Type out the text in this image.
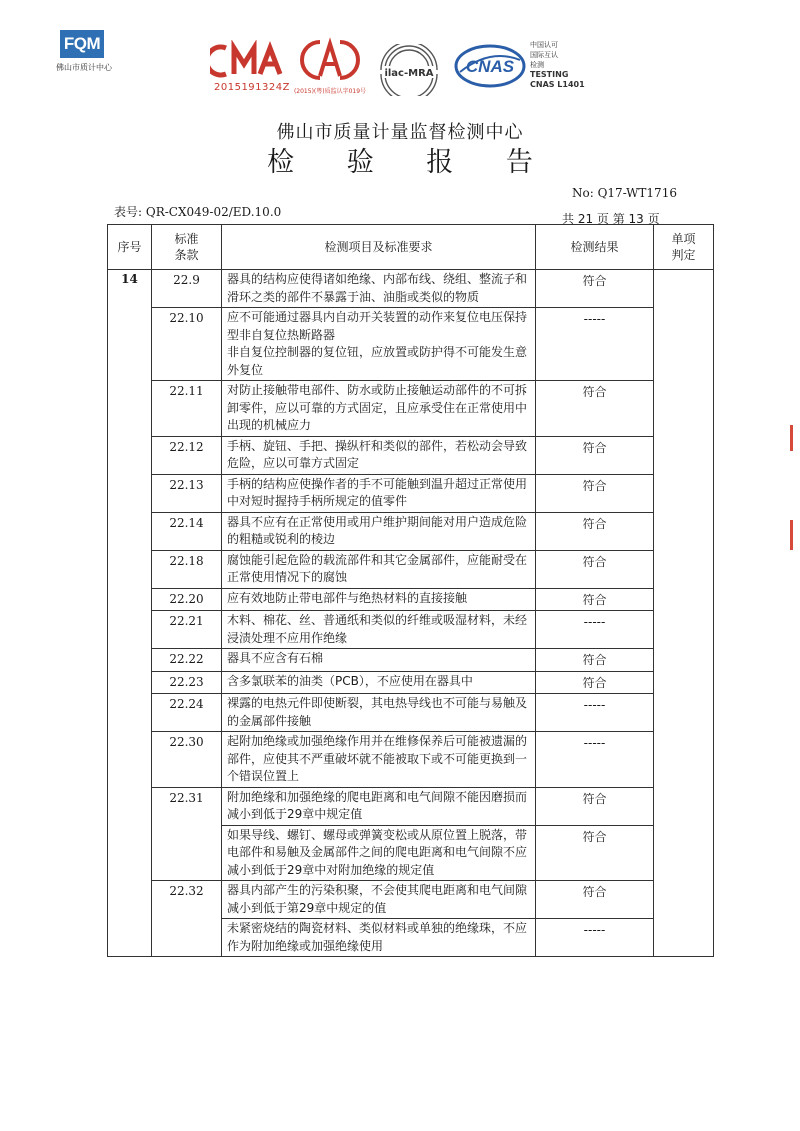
FQM
佛山市质计中心
2015191324Z (2015)(粤)质监认字019号
ilac-MRA CNAS
中国认可
国际互认
检测
TESTING
CNAS L1401
佛山市质量计量监督检测中心
检 验 报 告
No: Q17-WT1716
表号: QR-CX049-02/ED.10.0	共 21 页 第 13 页
序号	标准
条款	检测项目及标准要求	检测结果	单项
判定
14	22.9	器具的结构应使得诸如绝缘、内部布线、绕组、整流子和滑环之类的部件不暴露于油、油脂或类似的物质	符合	
	22.10	应不可能通过器具内自动开关装置的动作来复位电压保持型非自复位热断路器
非自复位控制器的复位钮，应放置或防护得不可能发生意外复位	-----	
	22.11	对防止接触带电部件、防水或防止接触运动部件的不可拆卸零件，应以可靠的方式固定，且应承受住在正常使用中出现的机械应力	符合	
	22.12	手柄、旋钮、手把、操纵杆和类似的部件，若松动会导致危险，应以可靠方式固定	符合	
	22.13	手柄的结构应使操作者的手不可能触到温升超过正常使用中对短时握持手柄所规定的值零件	符合	
	22.14	器具不应有在正常使用或用户维护期间能对用户造成危险的粗糙或锐利的棱边	符合	
	22.18	腐蚀能引起危险的载流部件和其它金属部件，应能耐受在正常使用情况下的腐蚀	符合	
	22.20	应有效地防止带电部件与绝热材料的直接接触	符合	
	22.21	木料、棉花、丝、普通纸和类似的纤维或吸湿材料，未经浸渍处理不应用作绝缘	-----	
	22.22	器具不应含有石棉	符合	
	22.23	含多氯联苯的油类（PCB），不应使用在器具中	符合	
	22.24	裸露的电热元件即使断裂，其电热导线也不可能与易触及的金属部件接触	-----	
	22.30	起附加绝缘或加强绝缘作用并在维修保养后可能被遗漏的部件，应使其不严重破坏就不能被取下或不可能更换到一个错误位置上	-----	
	22.31	附加绝缘和加强绝缘的爬电距离和电气间隙不能因磨损而减小到低于29章中规定值	符合	
		如果导线、螺钉、螺母或弹簧变松或从原位置上脱落，带电部件和易触及金属部件之间的爬电距离和电气间隙不应减小到低于29章中对附加绝缘的规定值	符合	
	22.32	器具内部产生的污染积聚，不会使其爬电距离和电气间隙减小到低于第29章中规定的值	符合	
		未紧密烧结的陶瓷材料、类似材料或单独的绝缘珠，不应作为附加绝缘或加强绝缘使用	-----	
